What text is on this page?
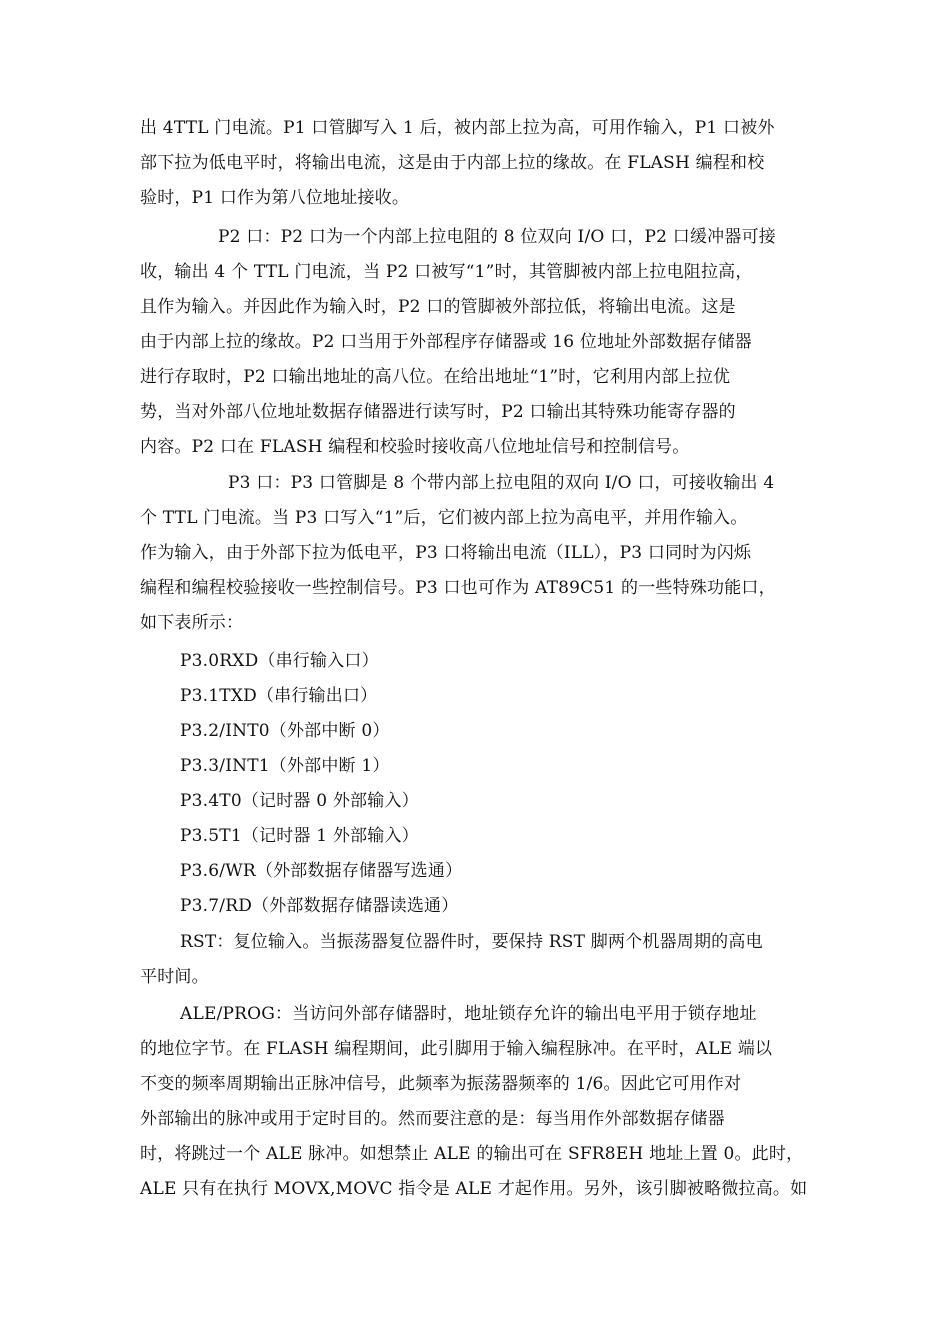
出 4TTL 门电流。P1 口管脚写入 1 后，被内部上拉为高，可用作输入，P1 口被外
部下拉为低电平时，将输出电流，这是由于内部上拉的缘故。在 FLASH 编程和校
验时，P1 口作为第八位地址接收。
P2 口：P2 口为一个内部上拉电阻的 8 位双向 I/O 口，P2 口缓冲器可接
收，输出 4 个 TTL 门电流，当 P2 口被写“1”时，其管脚被内部上拉电阻拉高，
且作为输入。并因此作为输入时，P2 口的管脚被外部拉低，将输出电流。这是
由于内部上拉的缘故。P2 口当用于外部程序存储器或 16 位地址外部数据存储器
进行存取时，P2 口输出地址的高八位。在给出地址“1”时，它利用内部上拉优
势，当对外部八位地址数据存储器进行读写时，P2 口输出其特殊功能寄存器的
内容。P2 口在 FLASH 编程和校验时接收高八位地址信号和控制信号。
P3 口：P3 口管脚是 8 个带内部上拉电阻的双向 I/O 口，可接收输出 4
个 TTL 门电流。当 P3 口写入“1”后，它们被内部上拉为高电平，并用作输入。
作为输入，由于外部下拉为低电平，P3 口将输出电流（ILL），P3 口同时为闪烁
编程和编程校验接收一些控制信号。P3 口也可作为 AT89C51 的一些特殊功能口，
如下表所示：
P3.0RXD（串行输入口）
P3.1TXD（串行输出口）
P3.2/INT0（外部中断 0）
P3.3/INT1（外部中断 1）
P3.4T0（记时器 0 外部输入）
P3.5T1（记时器 1 外部输入）
P3.6/WR（外部数据存储器写选通）
P3.7/RD（外部数据存储器读选通）
RST：复位输入。当振荡器复位器件时，要保持 RST 脚两个机器周期的高电
平时间。
ALE/PROG：当访问外部存储器时，地址锁存允许的输出电平用于锁存地址
的地位字节。在 FLASH 编程期间，此引脚用于输入编程脉冲。在平时，ALE 端以
不变的频率周期输出正脉冲信号，此频率为振荡器频率的 1/6。因此它可用作对
外部输出的脉冲或用于定时目的。然而要注意的是：每当用作外部数据存储器
时，将跳过一个 ALE 脉冲。如想禁止 ALE 的输出可在 SFR8EH 地址上置 0。此时，
ALE 只有在执行 MOVX,MOVC 指令是 ALE 才起作用。另外，该引脚被略微拉高。如
